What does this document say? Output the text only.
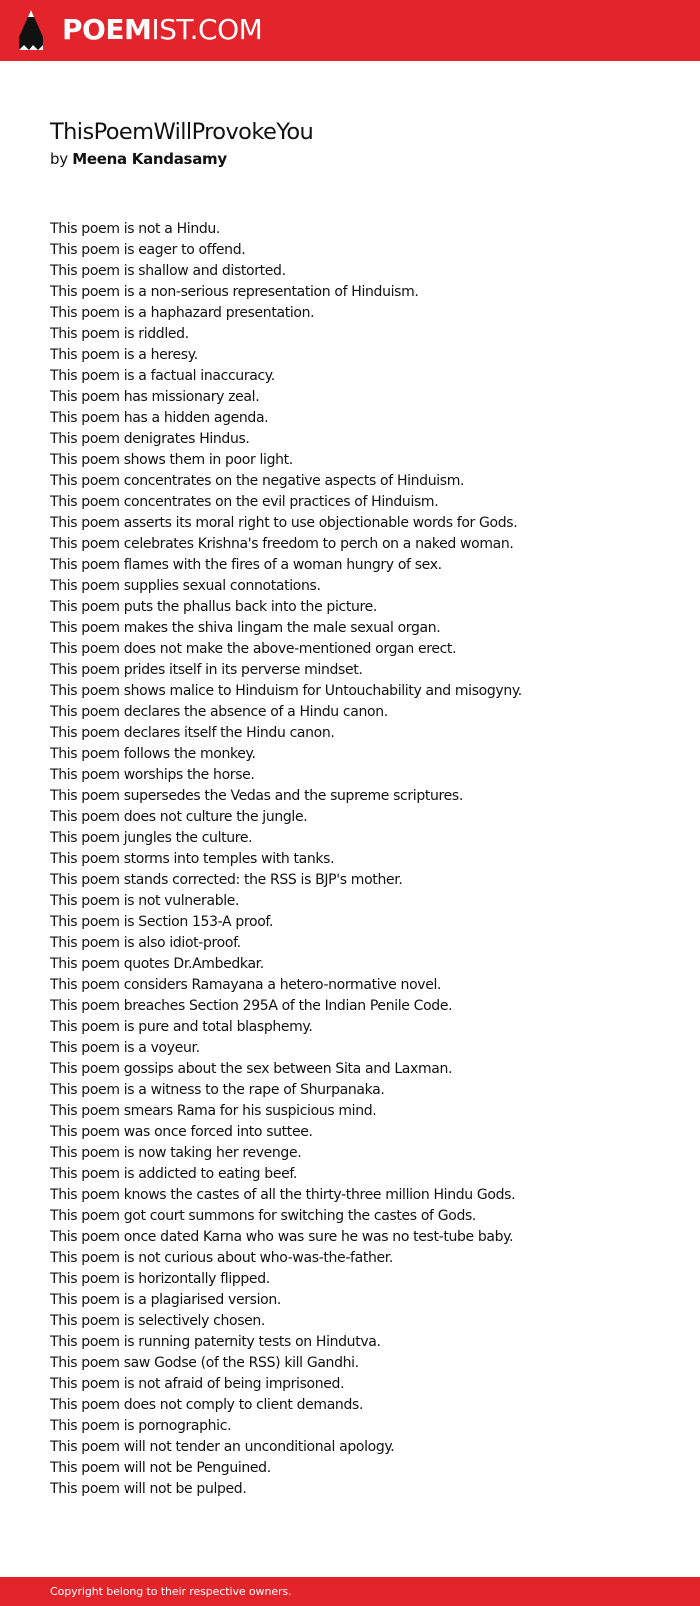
POEMIST.COM
ThisPoemWillProvokeYou
by Meena Kandasamy
This poem is not a Hindu.
This poem is eager to offend.
This poem is shallow and distorted.
This poem is a non-serious representation of Hinduism.
This poem is a haphazard presentation.
This poem is riddled.
This poem is a heresy.
This poem is a factual inaccuracy.
This poem has missionary zeal.
This poem has a hidden agenda.
This poem denigrates Hindus.
This poem shows them in poor light.
This poem concentrates on the negative aspects of Hinduism.
This poem concentrates on the evil practices of Hinduism.
This poem asserts its moral right to use objectionable words for Gods.
This poem celebrates Krishna's freedom to perch on a naked woman.
This poem flames with the fires of a woman hungry of sex.
This poem supplies sexual connotations.
This poem puts the phallus back into the picture.
This poem makes the shiva lingam the male sexual organ.
This poem does not make the above-mentioned organ erect.
This poem prides itself in its perverse mindset.
This poem shows malice to Hinduism for Untouchability and misogyny.
This poem declares the absence of a Hindu canon.
This poem declares itself the Hindu canon.
This poem follows the monkey.
This poem worships the horse.
This poem supersedes the Vedas and the supreme scriptures.
This poem does not culture the jungle.
This poem jungles the culture.
This poem storms into temples with tanks.
This poem stands corrected: the RSS is BJP's mother.
This poem is not vulnerable.
This poem is Section 153-A proof.
This poem is also idiot-proof.
This poem quotes Dr.Ambedkar.
This poem considers Ramayana a hetero-normative novel.
This poem breaches Section 295A of the Indian Penile Code.
This poem is pure and total blasphemy.
This poem is a voyeur.
This poem gossips about the sex between Sita and Laxman.
This poem is a witness to the rape of Shurpanaka.
This poem smears Rama for his suspicious mind.
This poem was once forced into suttee.
This poem is now taking her revenge.
This poem is addicted to eating beef.
This poem knows the castes of all the thirty-three million Hindu Gods.
This poem got court summons for switching the castes of Gods.
This poem once dated Karna who was sure he was no test-tube baby.
This poem is not curious about who-was-the-father.
This poem is horizontally flipped.
This poem is a plagiarised version.
This poem is selectively chosen.
This poem is running paternity tests on Hindutva.
This poem saw Godse (of the RSS) kill Gandhi.
This poem is not afraid of being imprisoned.
This poem does not comply to client demands.
This poem is pornographic.
This poem will not tender an unconditional apology.
This poem will not be Penguined.
This poem will not be pulped.
Copyright belong to their respective owners.
